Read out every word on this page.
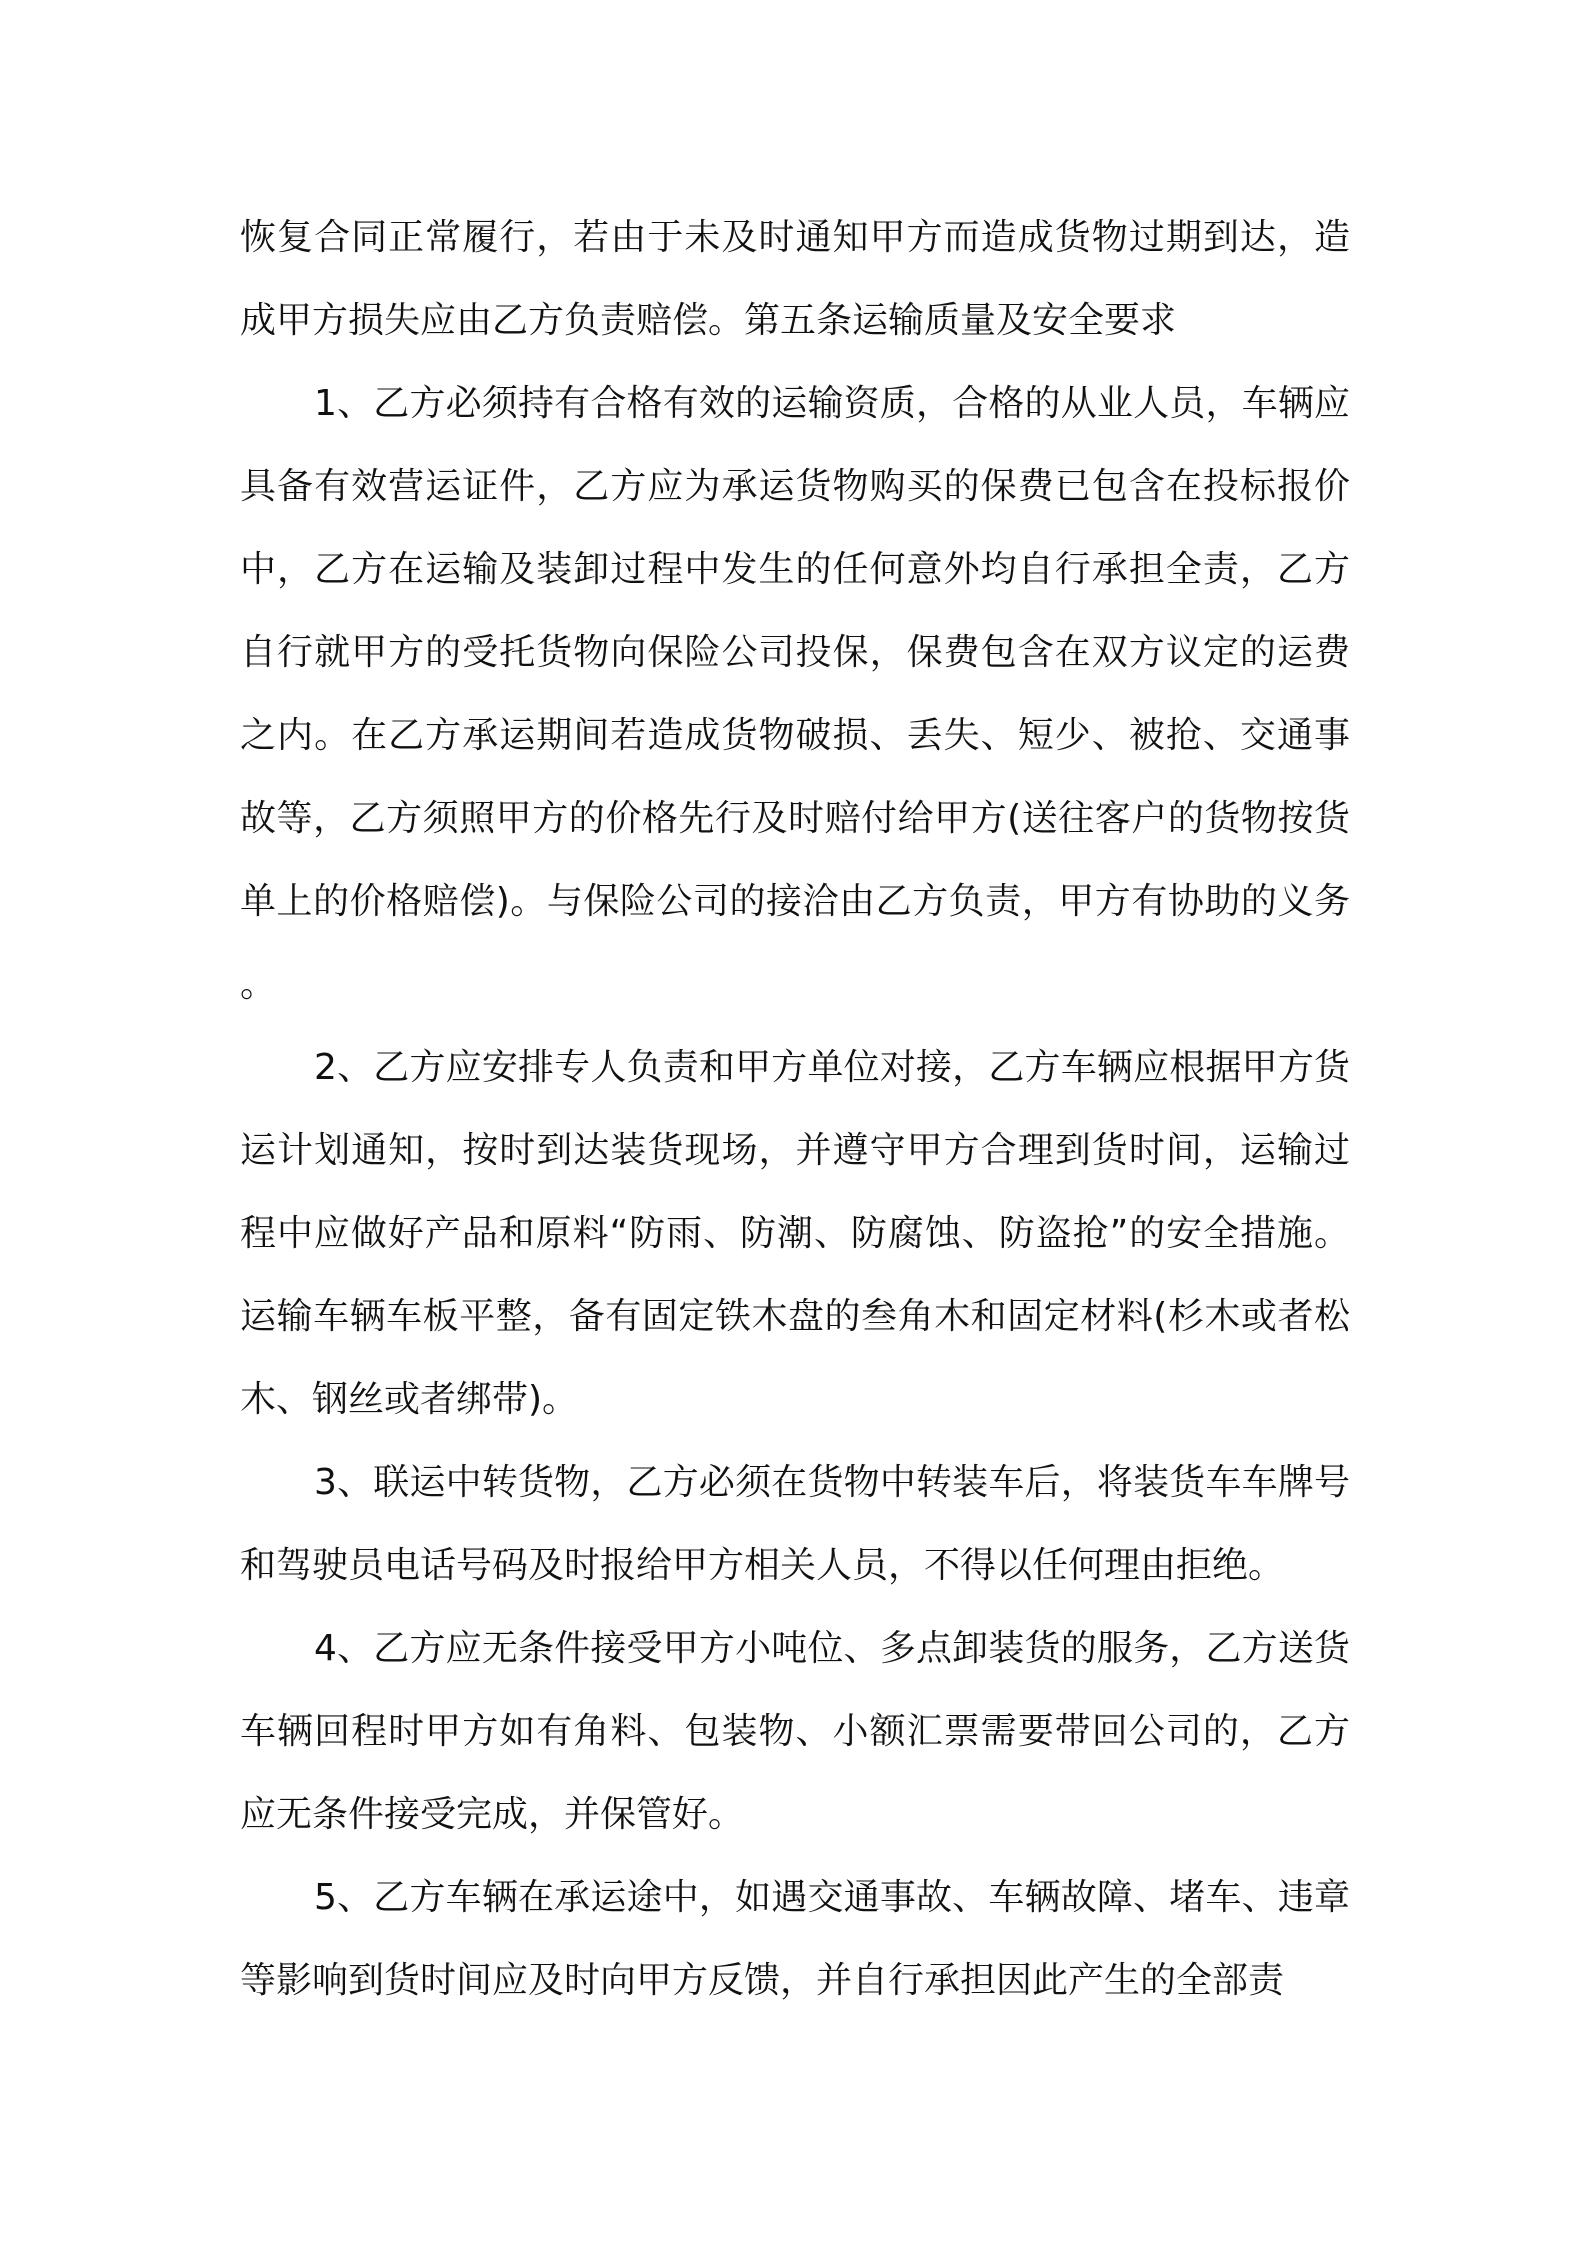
恢复合同正常履行，若由于未及时通知甲方而造成货物过期到达，造成甲方损失应由乙方负责赔偿。第五条运输质量及安全要求

1、乙方必须持有合格有效的运输资质，合格的从业人员，车辆应具备有效营运证件，乙方应为承运货物购买的保费已包含在投标报价中，乙方在运输及装卸过程中发生的任何意外均自行承担全责，乙方自行就甲方的受托货物向保险公司投保，保费包含在双方议定的运费之内。在乙方承运期间若造成货物破损、丢失、短少、被抢、交通事故等，乙方须照甲方的价格先行及时赔付给甲方(送往客户的货物按货单上的价格赔偿)。与保险公司的接洽由乙方负责，甲方有协助的义务。

2、乙方应安排专人负责和甲方单位对接，乙方车辆应根据甲方货运计划通知，按时到达装货现场，并遵守甲方合理到货时间，运输过程中应做好产品和原料“防雨、防潮、防腐蚀、防盗抢”的安全措施。运输车辆车板平整，备有固定铁木盘的叁角木和固定材料(杉木或者松木、钢丝或者绑带)。

3、联运中转货物，乙方必须在货物中转装车后，将装货车车牌号和驾驶员电话号码及时报给甲方相关人员，不得以任何理由拒绝。

4、乙方应无条件接受甲方小吨位、多点卸装货的服务，乙方送货车辆回程时甲方如有角料、包装物、小额汇票需要带回公司的，乙方应无条件接受完成，并保管好。

5、乙方车辆在承运途中，如遇交通事故、车辆故障、堵车、违章等影响到货时间应及时向甲方反馈，并自行承担因此产生的全部责
